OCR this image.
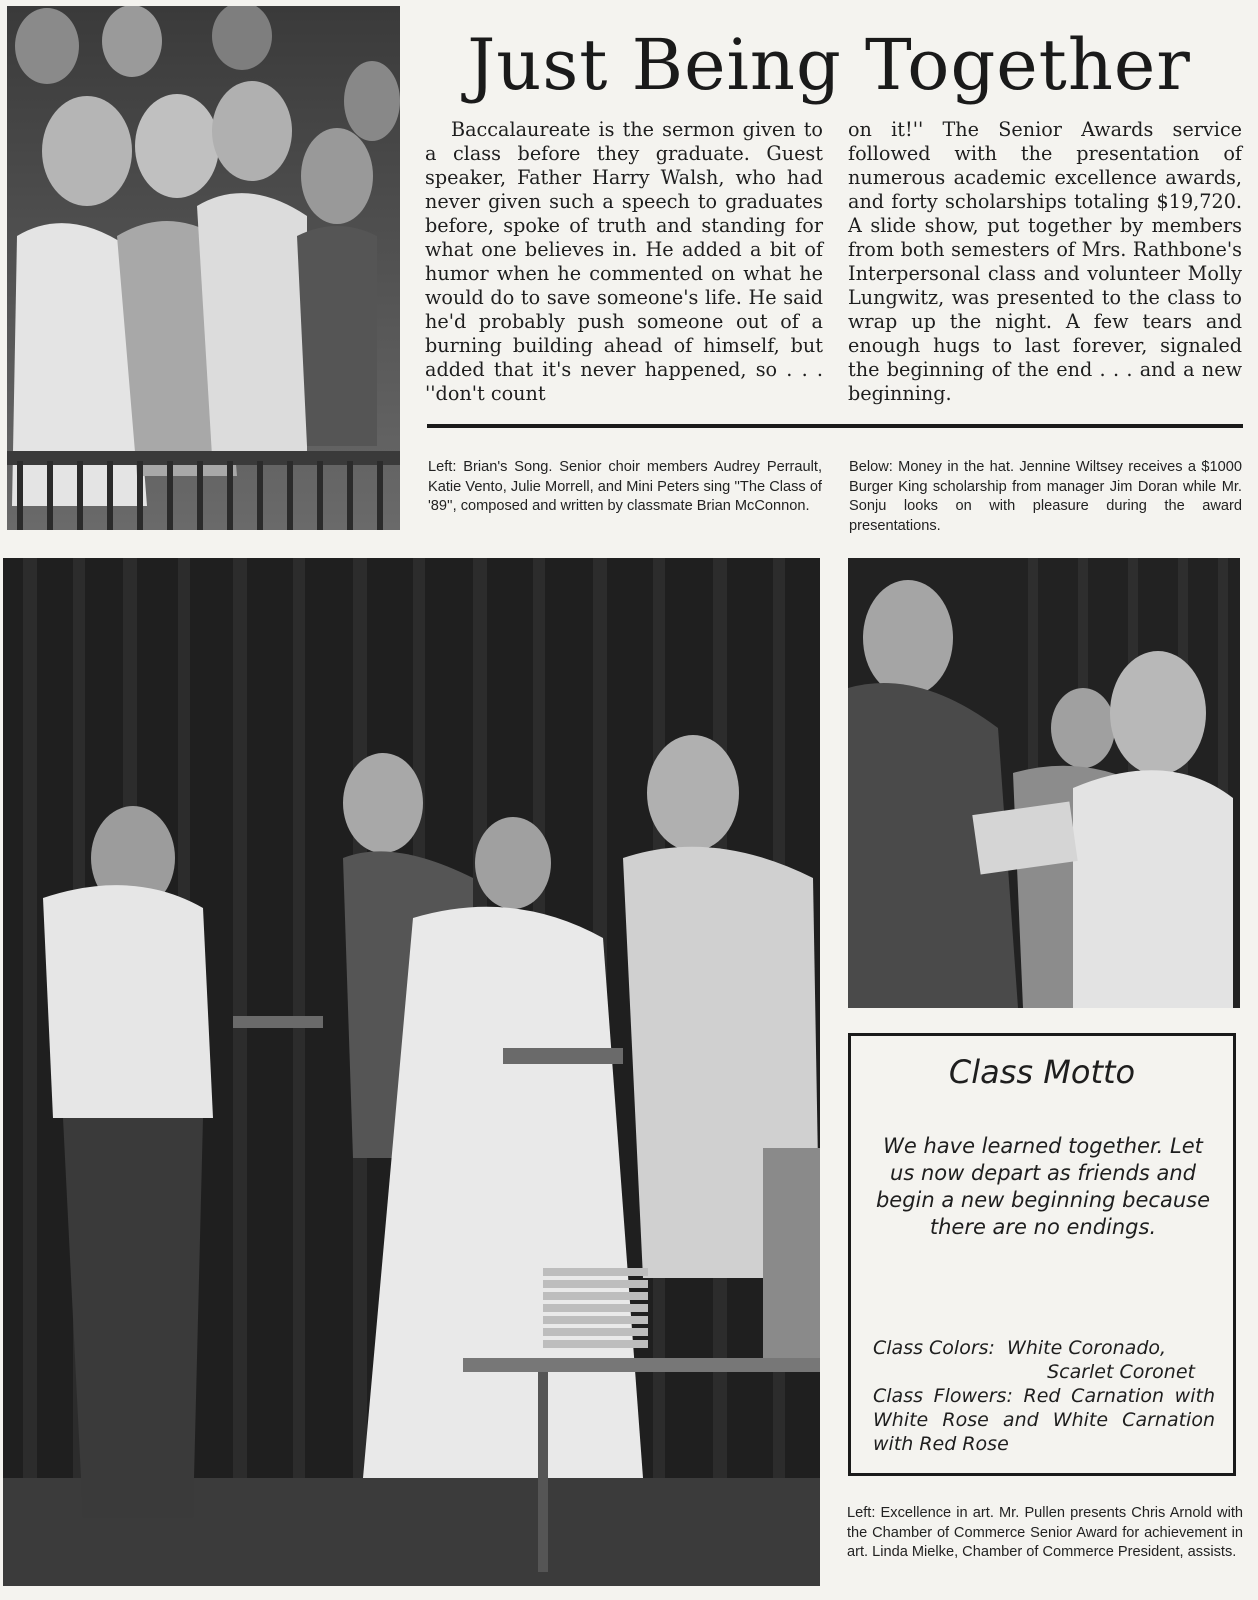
Just Being Together
Baccalaureate is the sermon given to a class before they graduate. Guest speaker, Father Harry Walsh, who had never given such a speech to graduates before, spoke of truth and standing for what one believes in. He added a bit of humor when he commented on what he would do to save someone's life. He said he'd probably push someone out of a burning building ahead of himself, but added that it's never happened, so . . . ''don't count
on it!'' The Senior Awards service followed with the presentation of numerous academic excellence awards, and forty scholarships totaling $19,720. A slide show, put together by members from both semesters of Mrs. Rathbone's Interpersonal class and volunteer Molly Lungwitz, was presented to the class to wrap up the night. A few tears and enough hugs to last forever, signaled the beginning of the end . . . and a new beginning.
Left: Brian's Song. Senior choir members Audrey Perrault, Katie Vento, Julie Morrell, and Mini Peters sing ''The Class of '89'', composed and written by classmate Brian McConnon.
Below: Money in the hat. Jennine Wiltsey receives a $1000 Burger King scholarship from manager Jim Doran while Mr. Sonju looks on with pleasure during the award presentations.
Class Motto
We have learned together. Let us now depart as friends and begin a new beginning because there are no endings.
Class Colors: White Coronado,
Scarlet Coronet
Class Flowers: Red Carnation with White Rose and White Carnation with Red Rose
Left: Excellence in art. Mr. Pullen presents Chris Arnold with the Chamber of Commerce Senior Award for achievement in art. Linda Mielke, Chamber of Commerce President, assists.
